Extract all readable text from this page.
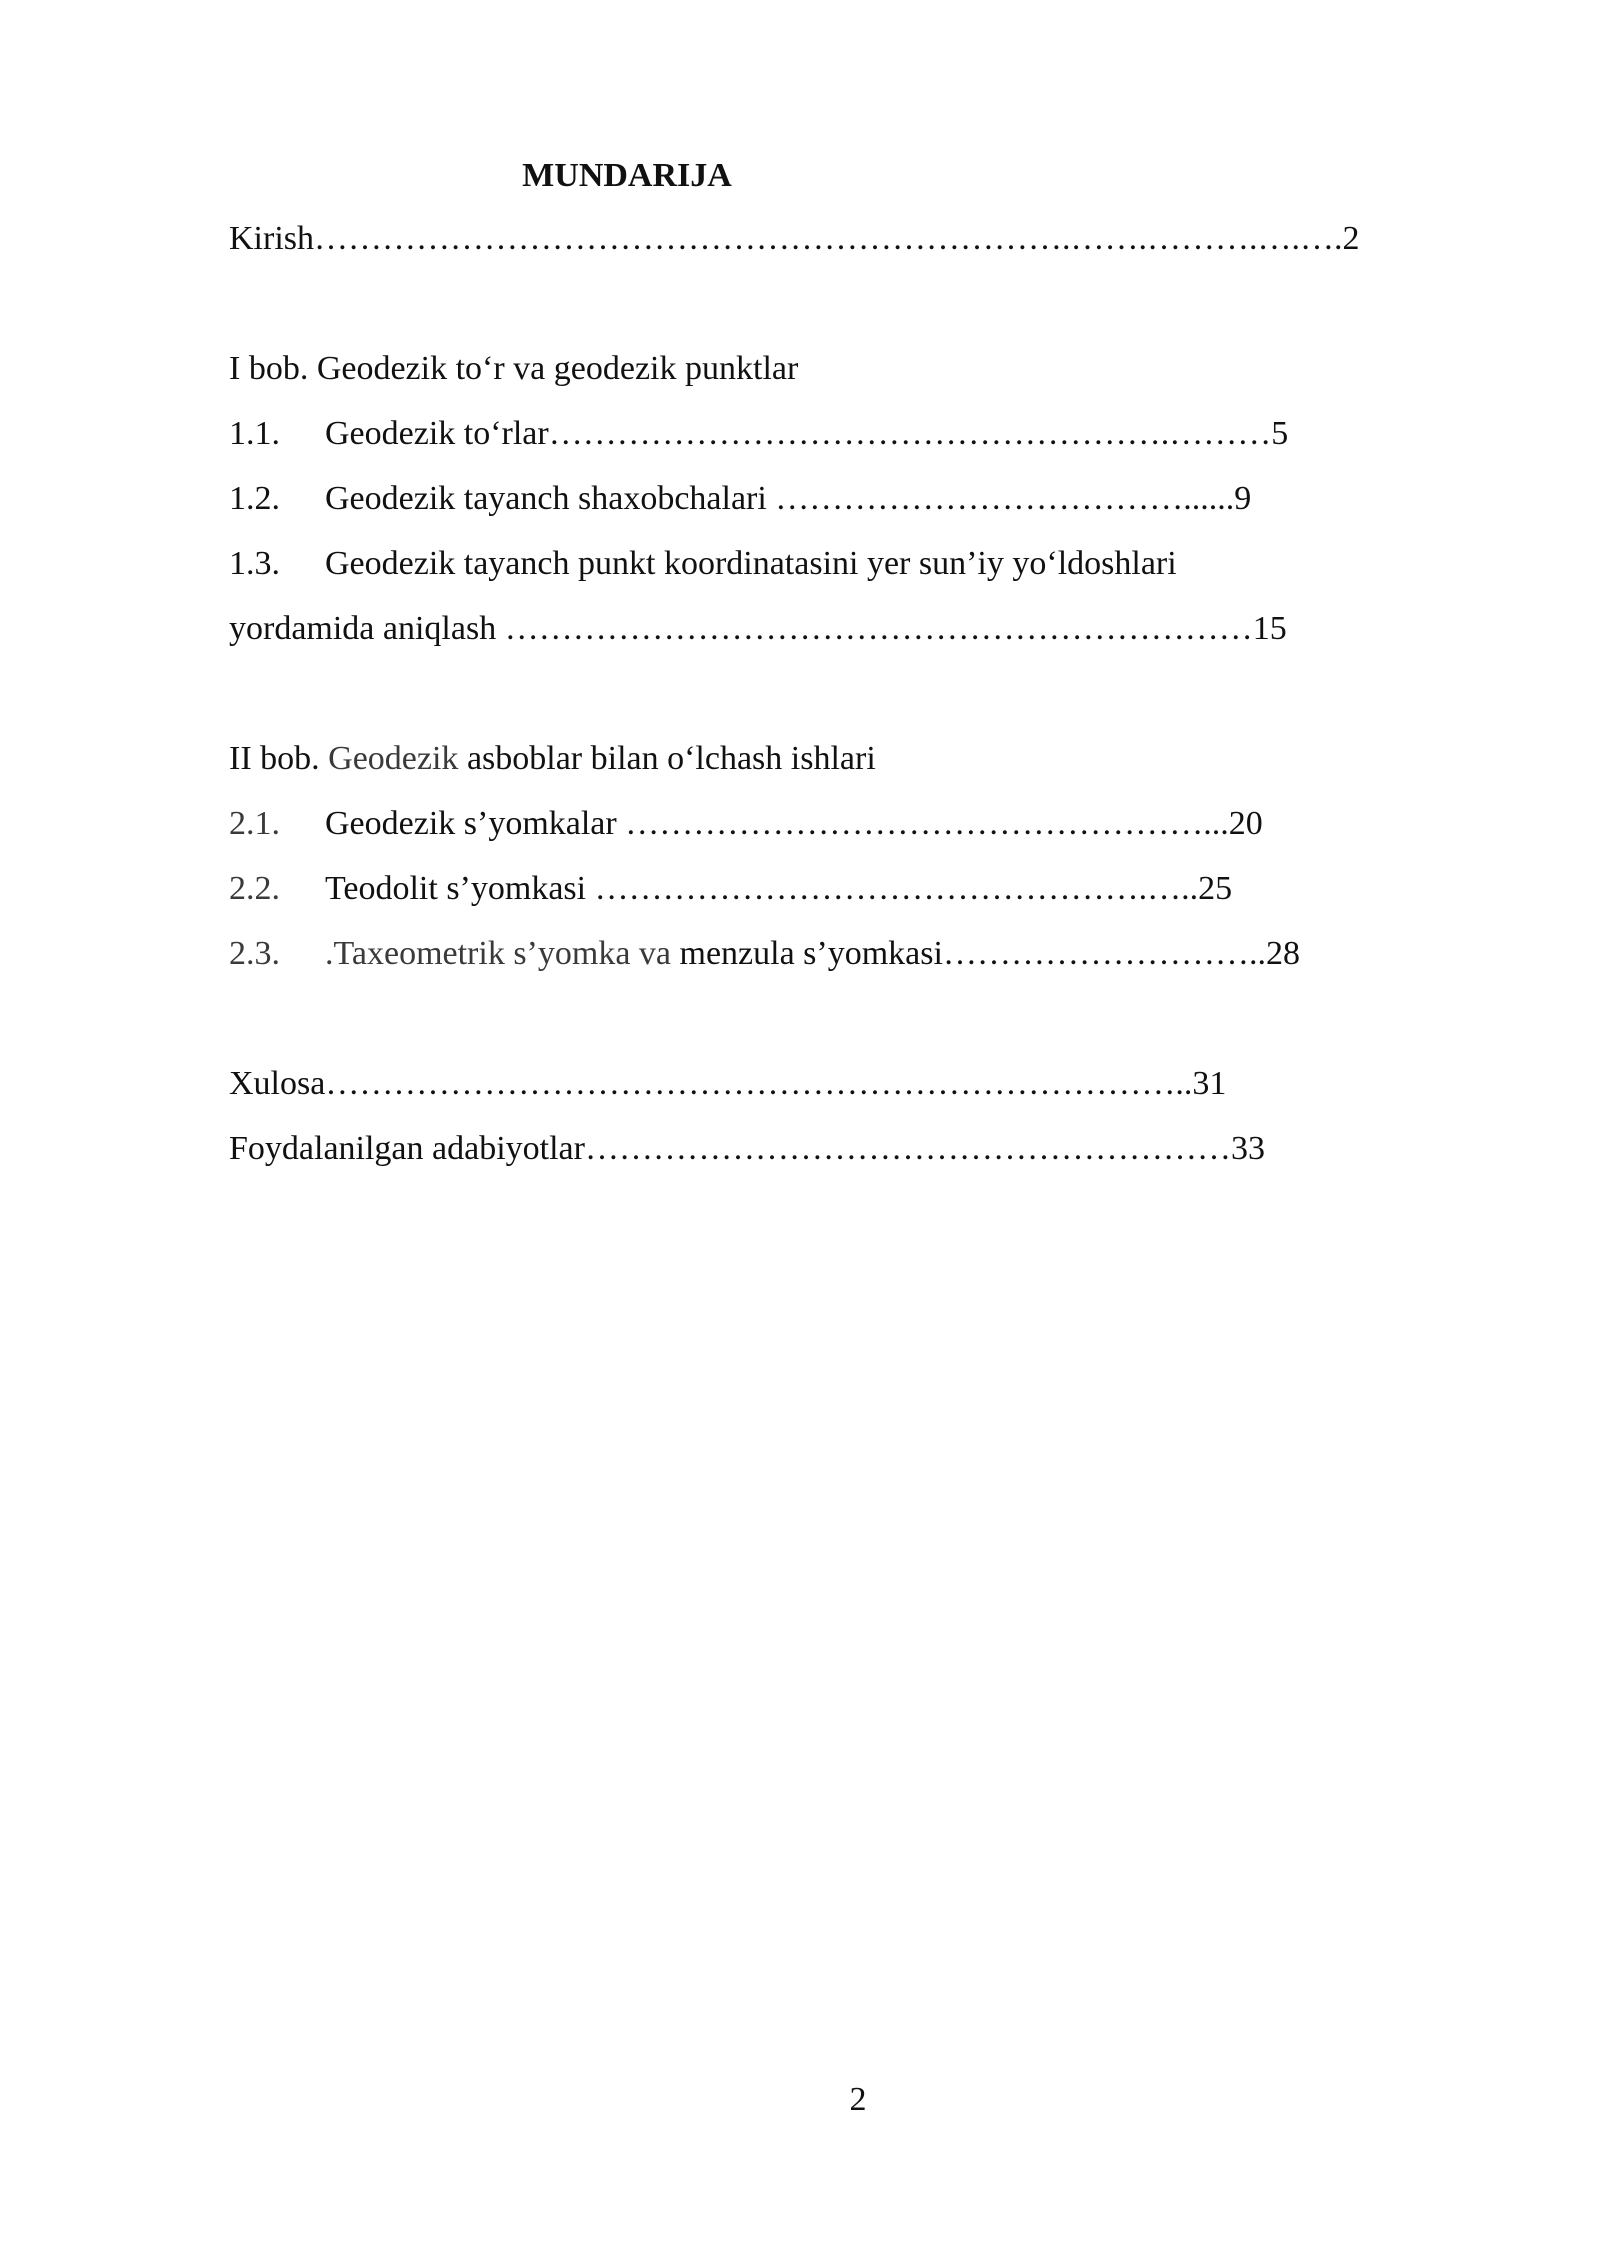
MUNDARIJA
Kirish………………………………………………………….…….……….….….2
I bob. Geodezik to‘r va geodezik punktlar
1.1. Geodezik to‘rlar……………………………………………….………5
1.2. Geodezik tayanch shaxobchalari ………………………………......9
1.3. Geodezik tayanch punkt koordinatasini yer sun’iy yo‘ldoshlari
yordamida aniqlash …………………………………………………………15
II bob. Geodezik asboblar bilan o‘lchash ishlari
2.1. Geodezik s’yomkalar ……………………………………………...20
2.2. Teodolit s’yomkasi ………………………………………….…..25
2.3. .Taxeometrik s’yomka va menzula s’yomkasi………………………..28
Xulosa…………………………………………………………………..31
Foydalanilgan adabiyotlar…………………………………………………33
2
